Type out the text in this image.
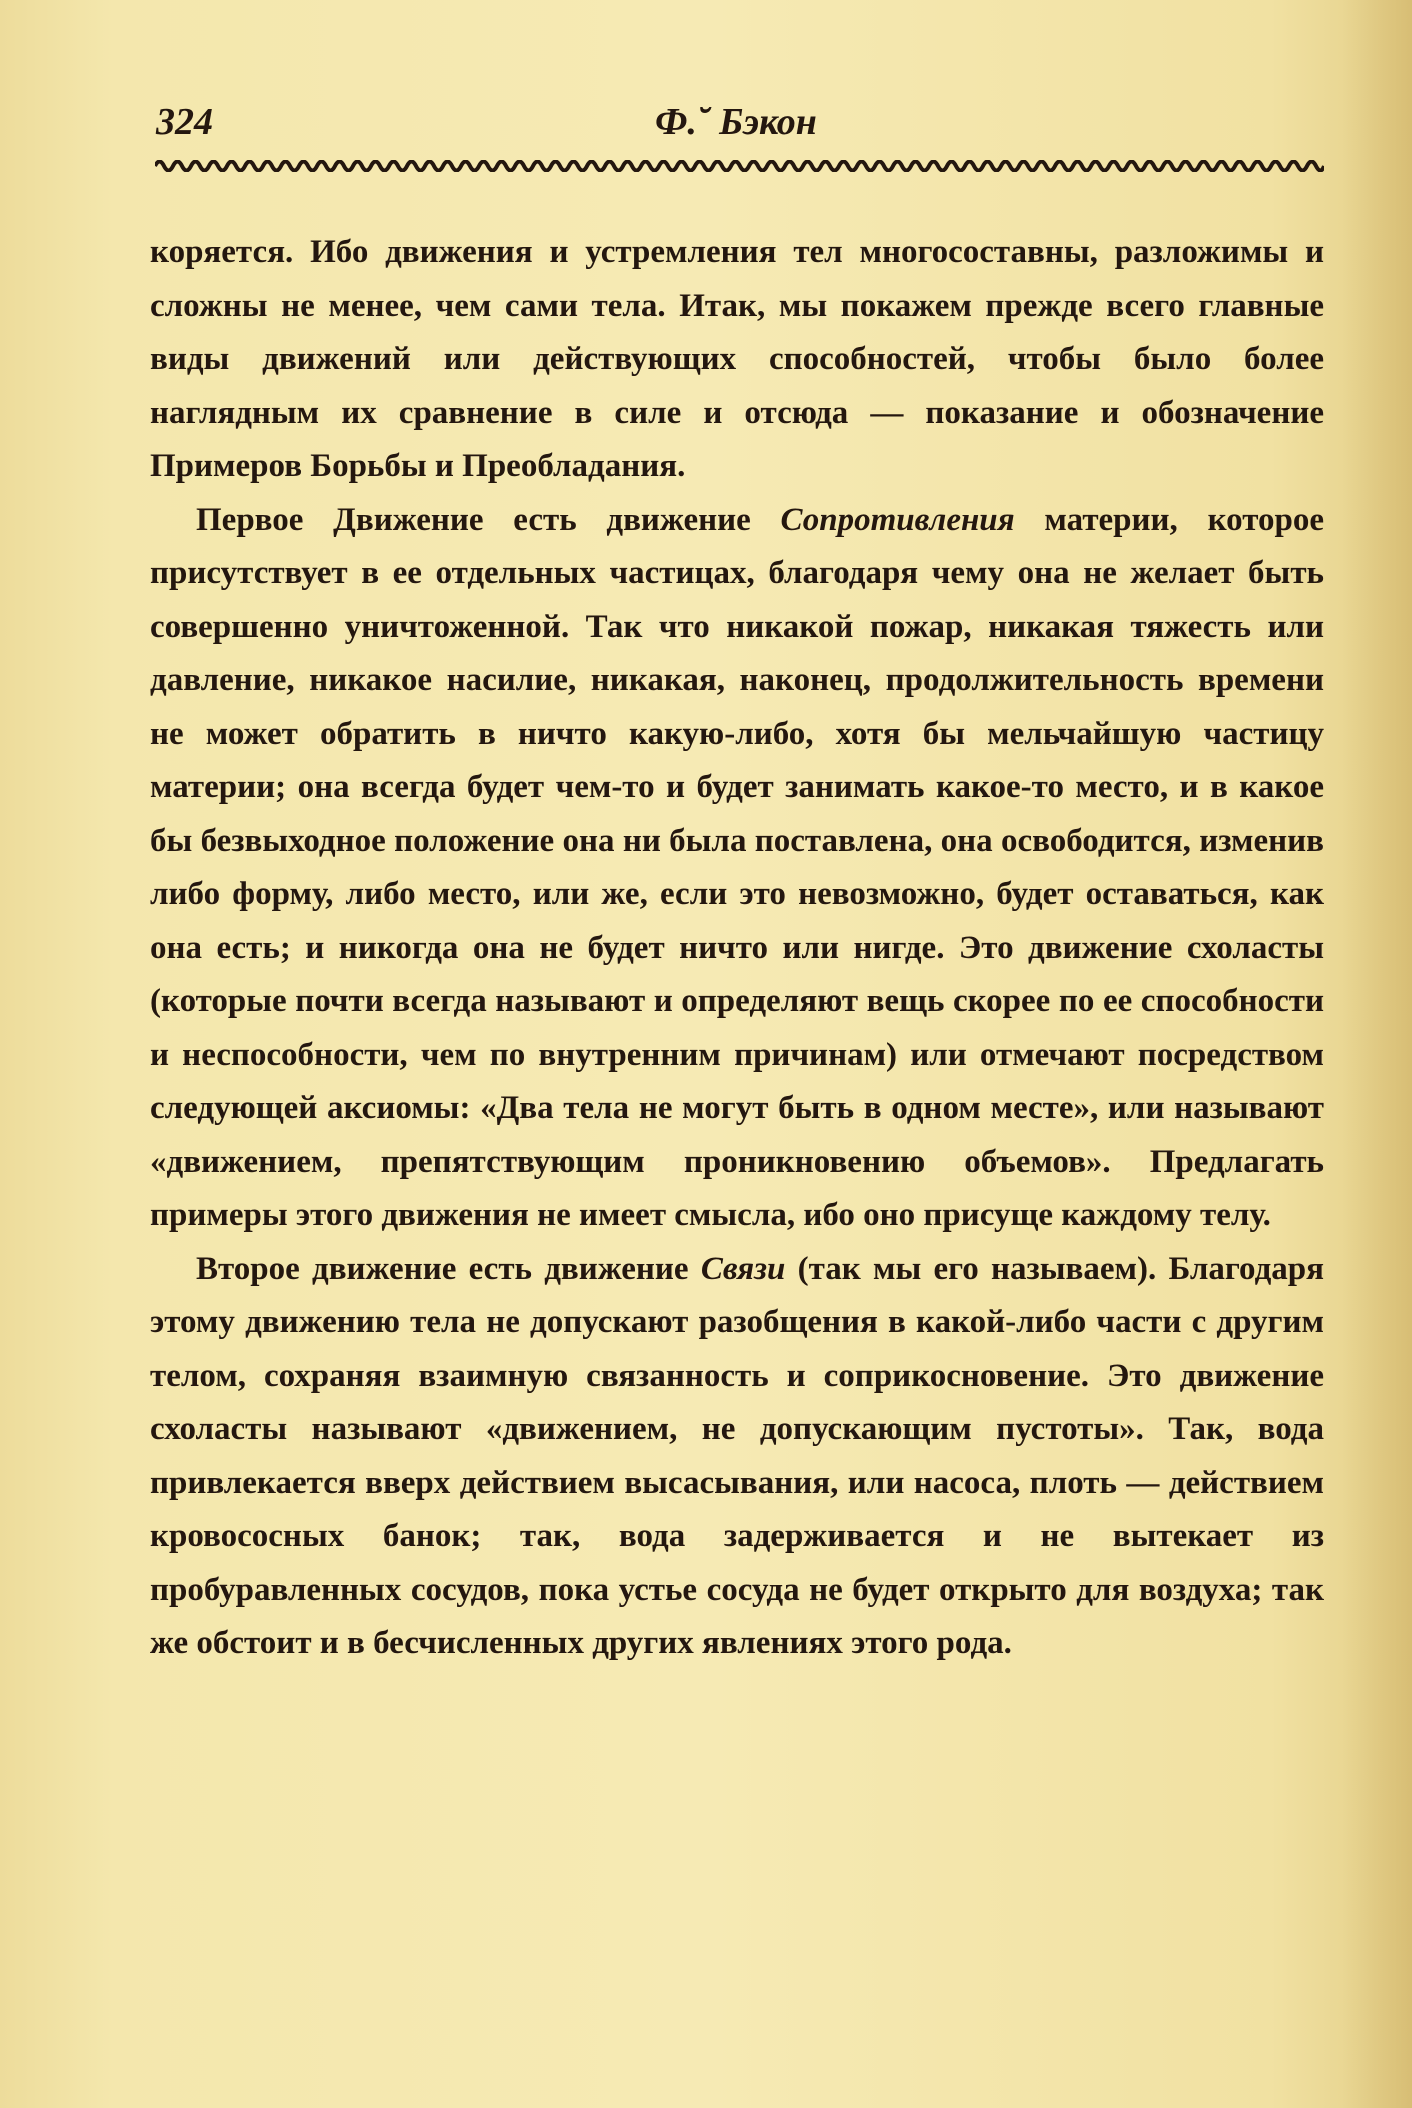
324	Ф.˘ Бэкон

коряется. Ибо движения и устремления тел многосоставны, разложимы и сложны не менее, чем сами тела. Итак, мы покажем прежде всего главные виды движений или действующих способностей, чтобы было более наглядным их сравнение в силе и отсюда — показание и обозначение Примеров Борьбы и Преобладания.

Первое Движение есть движение Сопротивления материи, которое присутствует в ее отдельных частицах, благодаря чему она не желает быть совершенно уничтоженной. Так что никакой пожар, никакая тяжесть или давление, никакое насилие, никакая, наконец, продолжительность времени не может обратить в ничто какую-либо, хотя бы мельчайшую частицу материи; она всегда будет чем-то и будет занимать какое-то место, и в какое бы безвыходное положение она ни была поставлена, она освободится, изменив либо форму, либо место, или же, если это невозможно, будет оставаться, как она есть; и никогда она не будет ничто или нигде. Это движение схоласты (которые почти всегда называют и определяют вещь скорее по ее способности и неспособности, чем по внутренним причинам) или отмечают посредством следующей аксиомы: «Два тела не могут быть в одном месте», или называют «движением, препятствующим проникновению объемов». Предлагать примеры этого движения не имеет смысла, ибо оно присуще каждому телу.

Второе движение есть движение Связи (так мы его называем). Благодаря этому движению тела не допускают разобщения в какой-либо части с другим телом, сохраняя взаимную связанность и соприкосновение. Это движение схоласты называют «движением, не допускающим пустоты». Так, вода привлекается вверх действием высасывания, или насоса, плоть — действием кровососных банок; так, вода задерживается и не вытекает из пробуравленных сосудов, пока устье сосуда не будет открыто для воздуха; так же обстоит и в бесчисленных других явлениях этого рода.
